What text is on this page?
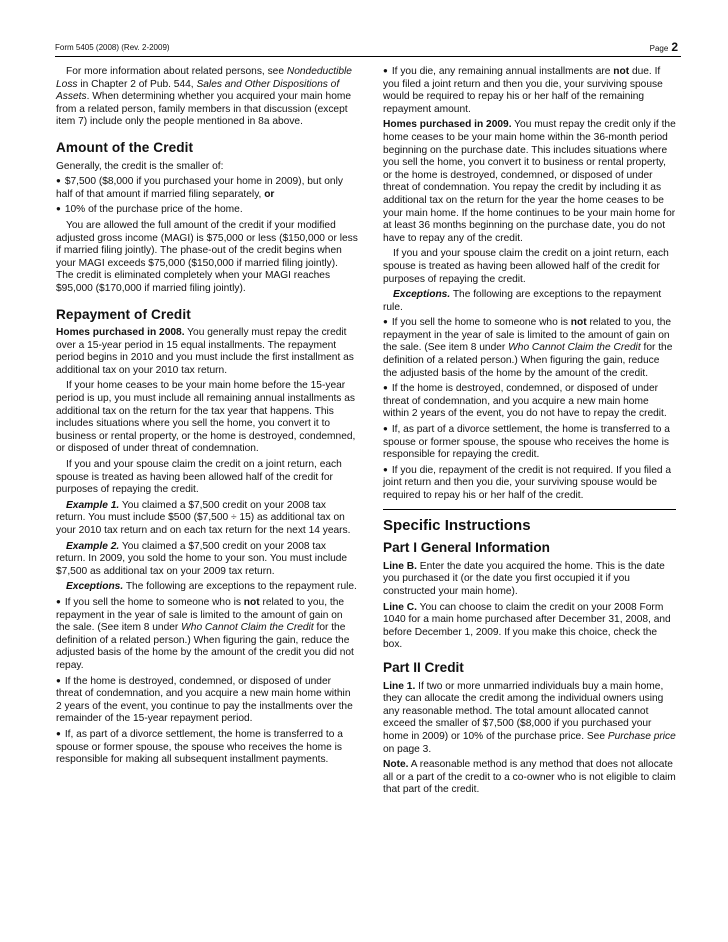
Form 5405 (2008) (Rev. 2-2009)	Page 2

For more information about related persons, see Nondeductible Loss in Chapter 2 of Pub. 544, Sales and Other Dispositions of Assets. When determining whether you acquired your main home from a related person, family members in that discussion (except item 7) include only the people mentioned in 8a above.

Amount of the Credit

Generally, the credit is the smaller of:

● $7,500 ($8,000 if you purchased your home in 2009), but only half of that amount if married filing separately, or

● 10% of the purchase price of the home.

You are allowed the full amount of the credit if your modified adjusted gross income (MAGI) is $75,000 or less ($150,000 or less if married filing jointly). The phase-out of the credit begins when your MAGI exceeds $75,000 ($150,000 if married filing jointly). The credit is eliminated completely when your MAGI reaches $95,000 ($170,000 if married filing jointly).

Repayment of Credit

Homes purchased in 2008. You generally must repay the credit over a 15-year period in 15 equal installments. The repayment period begins in 2010 and you must include the first installment as additional tax on your 2010 tax return.

If your home ceases to be your main home before the 15-year period is up, you must include all remaining annual installments as additional tax on the return for the tax year that happens. This includes situations where you sell the home, you convert it to business or rental property, or the home is destroyed, condemned, or disposed of under threat of condemnation.

If you and your spouse claim the credit on a joint return, each spouse is treated as having been allowed half of the credit for purposes of repaying the credit.

Example 1. You claimed a $7,500 credit on your 2008 tax return. You must include $500 ($7,500 ÷ 15) as additional tax on your 2010 tax return and on each tax return for the next 14 years.

Example 2. You claimed a $7,500 credit on your 2008 tax return. In 2009, you sold the home to your son. You must include $7,500 as additional tax on your 2009 tax return.

Exceptions. The following are exceptions to the repayment rule.

● If you sell the home to someone who is not related to you, the repayment in the year of sale is limited to the amount of gain on the sale. (See item 8 under Who Cannot Claim the Credit for the definition of a related person.) When figuring the gain, reduce the adjusted basis of the home by the amount of the credit you did not repay.

● If the home is destroyed, condemned, or disposed of under threat of condemnation, and you acquire a new main home within 2 years of the event, you continue to pay the installments over the remainder of the 15-year repayment period.

● If, as part of a divorce settlement, the home is transferred to a spouse or former spouse, the spouse who receives the home is responsible for making all subsequent installment payments.

● If you die, any remaining annual installments are not due. If you filed a joint return and then you die, your surviving spouse would be required to repay his or her half of the remaining repayment amount.

Homes purchased in 2009. You must repay the credit only if the home ceases to be your main home within the 36-month period beginning on the purchase date. This includes situations where you sell the home, you convert it to business or rental property, or the home is destroyed, condemned, or disposed of under threat of condemnation. You repay the credit by including it as additional tax on the return for the year the home ceases to be your main home. If the home continues to be your main home for at least 36 months beginning on the purchase date, you do not have to repay any of the credit.

If you and your spouse claim the credit on a joint return, each spouse is treated as having been allowed half of the credit for purposes of repaying the credit.

Exceptions. The following are exceptions to the repayment rule.

● If you sell the home to someone who is not related to you, the repayment in the year of sale is limited to the amount of gain on the sale. (See item 8 under Who Cannot Claim the Credit for the definition of a related person.) When figuring the gain, reduce the adjusted basis of the home by the amount of the credit.

● If the home is destroyed, condemned, or disposed of under threat of condemnation, and you acquire a new main home within 2 years of the event, you do not have to repay the credit.

● If, as part of a divorce settlement, the home is transferred to a spouse or former spouse, the spouse who receives the home is responsible for repaying the credit.

● If you die, repayment of the credit is not required. If you filed a joint return and then you die, your surviving spouse would be required to repay his or her half of the credit.

Specific Instructions
Part I General Information

Line B. Enter the date you acquired the home. This is the date you purchased it (or the date you first occupied it if you constructed your main home).

Line C. You can choose to claim the credit on your 2008 Form 1040 for a main home purchased after December 31, 2008, and before December 1, 2009. If you make this choice, check the box.

Part II Credit

Line 1. If two or more unmarried individuals buy a main home, they can allocate the credit among the individual owners using any reasonable method. The total amount allocated cannot exceed the smaller of $7,500 ($8,000 if you purchased your home in 2009) or 10% of the purchase price. See Purchase price on page 3.

Note. A reasonable method is any method that does not allocate all or a part of the credit to a co-owner who is not eligible to claim that part of the credit.
